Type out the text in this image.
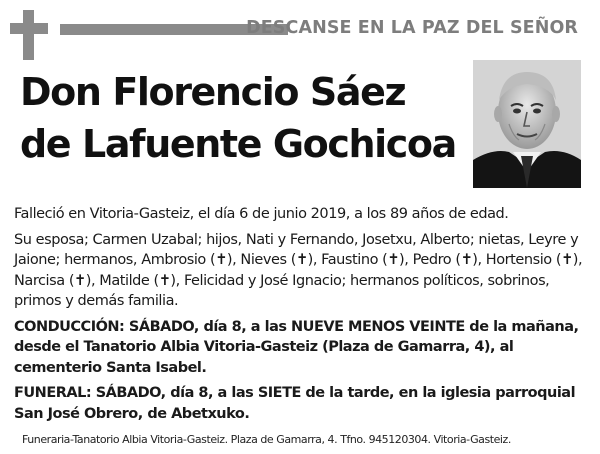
DESCANSE EN LA PAZ DEL SEÑOR
Don Florencio Sáez
de Lafuente Gochicoa

Falleció en Vitoria-Gasteiz, el día 6 de junio 2019, a los 89 años de edad.

Su esposa; Carmen Uzabal; hijos, Nati y Fernando, Josetxu, Alberto; nietas, Leyre y Jaione; hermanos, Ambrosio (✝), Nieves (✝), Faustino (✝), Pedro (✝), Hortensio (✝), Narcisa (✝), Matilde (✝), Felicidad y José Ignacio; hermanos políticos, sobrinos, primos y demás familia.

CONDUCCIÓN: SÁBADO, día 8, a las NUEVE MENOS VEINTE de la mañana, desde el Tanatorio Albia Vitoria-Gasteiz (Plaza de Gamarra, 4), al cementerio Santa Isabel.

FUNERAL: SÁBADO, día 8, a las SIETE de la tarde, en la iglesia parroquial San José Obrero, de Abetxuko.

Funeraria-Tanatorio Albia Vitoria-Gasteiz. Plaza de Gamarra, 4. Tfno. 945120304. Vitoria-Gasteiz.
